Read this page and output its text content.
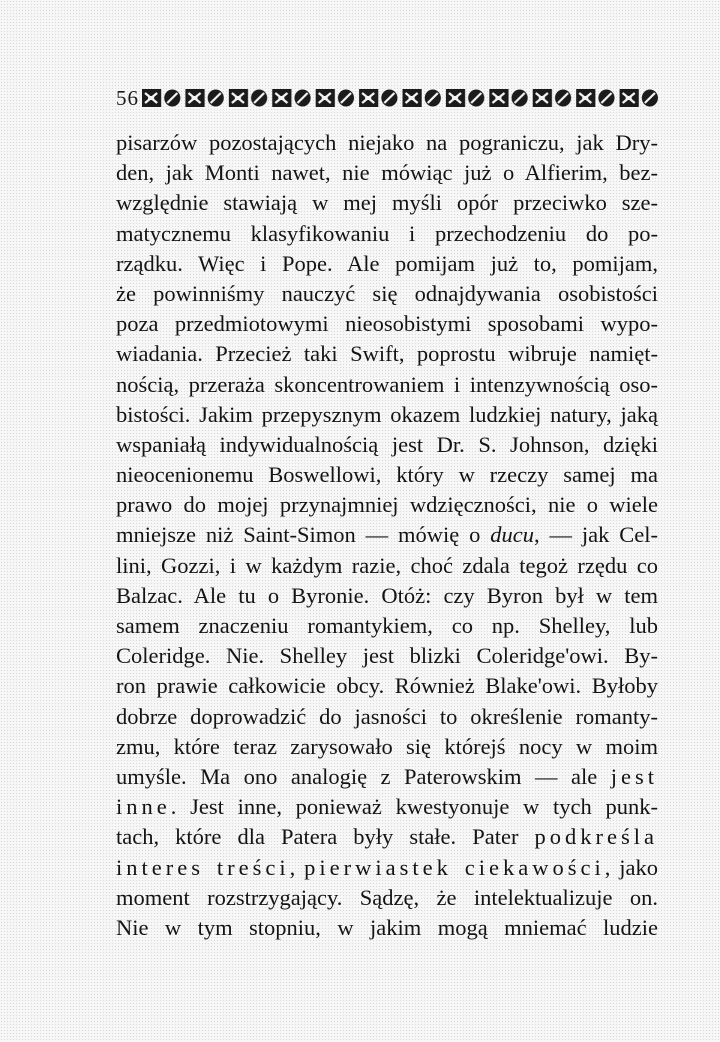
56
pisarzów pozostających niejako na pograniczu, jak Dry-
den, jak Monti nawet, nie mówiąc już o Alfierim, bez-
względnie stawiają w mej myśli opór przeciwko sze-
matycznemu klasyfikowaniu i przechodzeniu do po-
rządku. Więc i Pope. Ale pomijam już to, pomijam,
że powinniśmy nauczyć się odnajdywania osobistości
poza przedmiotowymi nieosobistymi sposobami wypo-
wiadania. Przecież taki Swift, poprostu wibruje namięt-
nością, przeraża skoncentrowaniem i intenzywnością oso-
bistości. Jakim przepysznym okazem ludzkiej natury, jaką
wspaniałą indywidualnością jest Dr. S. Johnson, dzięki
nieocenionemu Boswellowi, który w rzeczy samej ma
prawo do mojej przynajmniej wdzięczności, nie o wiele
mniejsze niż Saint-Simon — mówię o ducu, — jak Cel-
lini, Gozzi, i w każdym razie, choć zdala tegoż rzędu co
Balzac. Ale tu o Byronie. Otóż: czy Byron był w tem
samem znaczeniu romantykiem, co np. Shelley, lub
Coleridge. Nie. Shelley jest blizki Coleridge'owi. By-
ron prawie całkowicie obcy. Również Blake'owi. Byłoby
dobrze doprowadzić do jasności to określenie romanty-
zmu, które teraz zarysowało się którejś nocy w moim
umyśle. Ma ono analogię z Paterowskim — ale jest
inne. Jest inne, ponieważ kwestyonuje w tych punk-
tach, które dla Patera były stałe. Pater podkreśla
interes treści, pierwiastek ciekawości, jako
moment rozstrzygający. Sądzę, że intelektualizuje on.
Nie w tym stopniu, w jakim mogą mniemać ludzie
